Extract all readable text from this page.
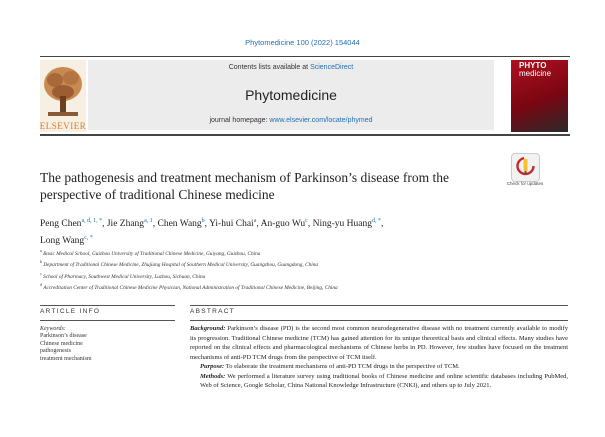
Phytomedicine 100 (2022) 154044
ELSEVIER
Contents lists available at ScienceDirect
Phytomedicine
journal homepage: www.elsevier.com/locate/phymed
PHYTO
medicine
The pathogenesis and treatment mechanism of Parkinson’s disease from the perspective of traditional Chinese medicine
Check for updates
Peng Chen$^{a, d, 1, *}$, Jie Zhang$^{a, 1}$, Chen Wang$^b$, Yi-hui Chai$^a$, An-guo Wu$^c$, Ning-yu Huang$^{d, *}$,
Long Wang$^{c, *}$
$^a$ Basic Medical School, Guizhou University of Traditional Chinese Medicine, Guiyang, Guizhou, China
$^b$ Department of Traditional Chinese Medicine, Zhujiang Hospital of Southern Medical University, Guangzhou, Guangdong, China
$^c$ School of Pharmacy, Southwest Medical University, Luzhou, Sichuan, China
$^d$ Accreditation Center of Traditional Chinese Medicine Physician, National Administration of Traditional Chinese Medicine, Beijing, China
ARTICLE INFO
Keywords:
Parkinson’s disease
Chinese medicine
pathogenesis
treatment mechanism
ABSTRACT

Background: Parkinson’s disease (PD) is the second most common neurodegenerative disease with no treatment currently available to modify its progression. Traditional Chinese medicine (TCM) has gained attention for its unique theoretical basis and clinical effects. Many studies have reported on the clinical effects and pharmacological mechanisms of Chinese herbs in PD. However, few studies have focused on the treatment mechanisms of anti-PD TCM drugs from the perspective of TCM itself.

Purpose: To elaborate the treatment mechanisms of anti-PD TCM drugs in the perspective of TCM.

Methods: We performed a literature survey using traditional books of Chinese medicine and online scientific databases including PubMed, Web of Science, Google Scholar, China National Knowledge Infrastructure (CNKI), and others up to July 2021.
